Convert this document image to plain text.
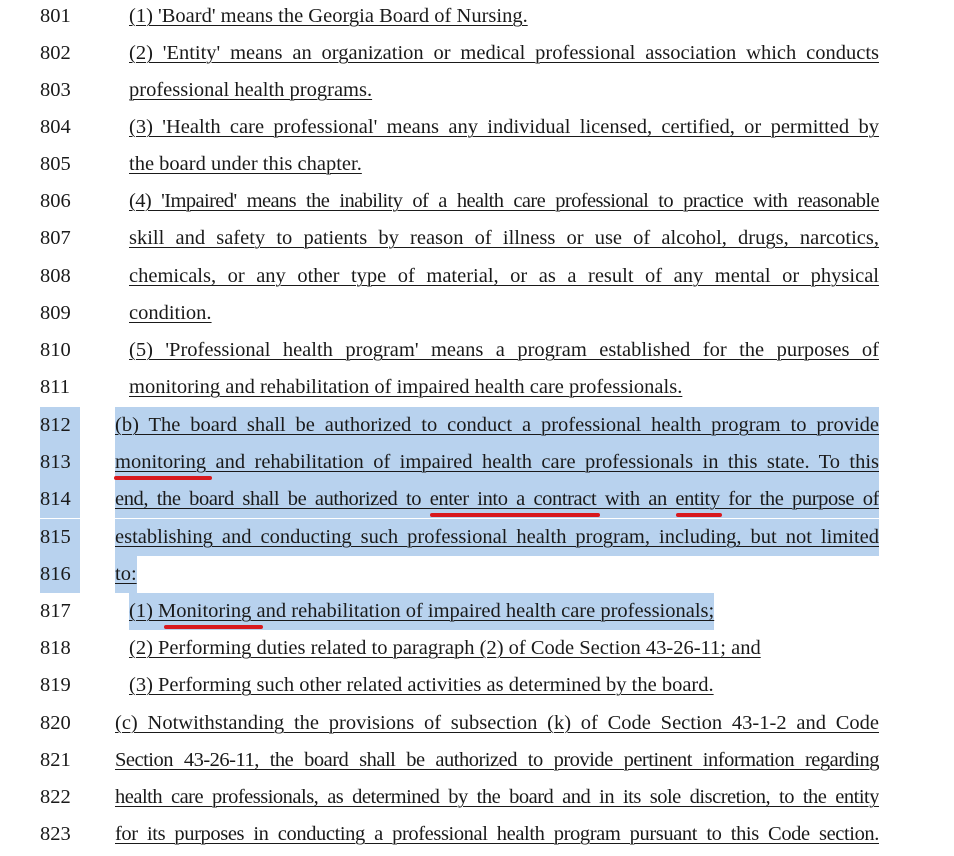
801	(1) 'Board' means the Georgia Board of Nursing.
802	(2) 'Entity' means an organization or medical professional association which conducts
803	professional health programs.
804	(3) 'Health care professional' means any individual licensed, certified, or permitted by
805	the board under this chapter.
806	(4) 'Impaired' means the inability of a health care professional to practice with reasonable
807	skill and safety to patients by reason of illness or use of alcohol, drugs, narcotics,
808	chemicals, or any other type of material, or as a result of any mental or physical
809	condition.
810	(5) 'Professional health program' means a program established for the purposes of
811	monitoring and rehabilitation of impaired health care professionals.
812	(b) The board shall be authorized to conduct a professional health program to provide
813	monitoring and rehabilitation of impaired health care professionals in this state. To this
814	end, the board shall be authorized to enter into a contract with an entity for the purpose of
815	establishing and conducting such professional health program, including, but not limited
816	to:
817	(1) Monitoring and rehabilitation of impaired health care professionals;
818	(2) Performing duties related to paragraph (2) of Code Section 43-26-11; and
819	(3) Performing such other related activities as determined by the board.
820	(c) Notwithstanding the provisions of subsection (k) of Code Section 43-1-2 and Code
821	Section 43-26-11, the board shall be authorized to provide pertinent information regarding
822	health care professionals, as determined by the board and in its sole discretion, to the entity
823	for its purposes in conducting a professional health program pursuant to this Code section.
